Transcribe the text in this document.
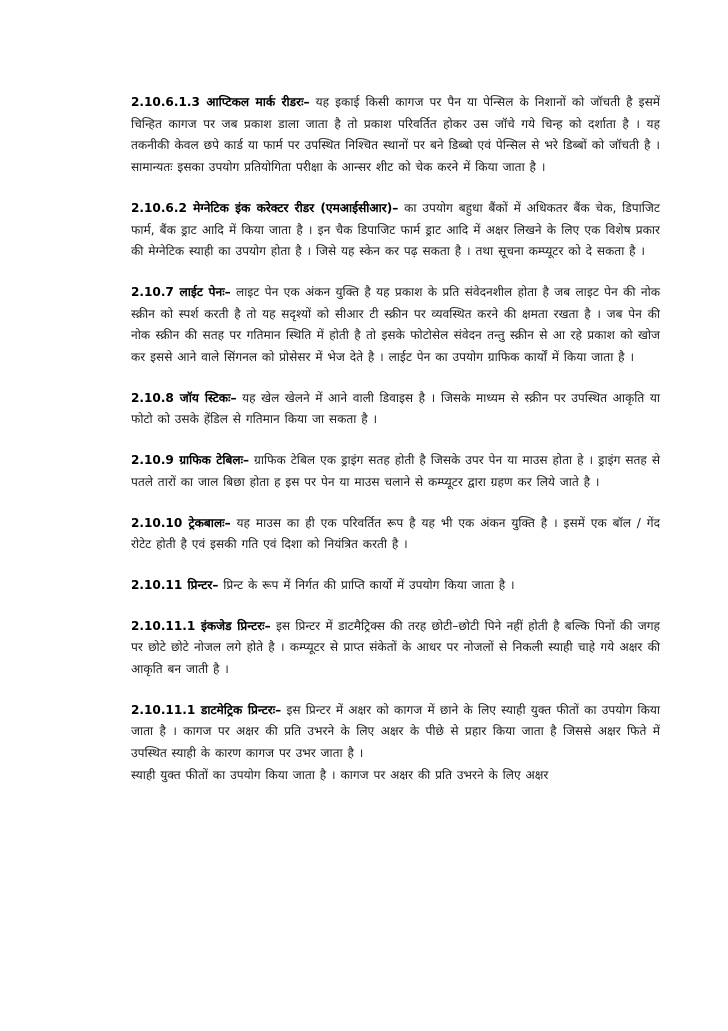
2.10.6.1.3 आप्टिकल मार्क रीडरः– यह इकाई किसी कागज पर पैन या पेन्सिल के निशानों को जॉचती है इसमें चिन्हित कागज पर जब प्रकाश डाला जाता है तो प्रकाश परिवर्तित होकर उस जॉचे गये चिन्ह को दर्शाता है । यह तकनीकी केवल छपे कार्ड या फार्म पर उपस्थित निश्चित स्थानों पर बने डिब्बो एवं पेन्सिल से भरे डिब्बों को जॉचती है । सामान्यतः इसका उपयोग प्रतियोगिता परीक्षा के आन्सर शीट को चेक करने में किया जाता है ।

2.10.6.2 मेग्नेटिक इंक करेक्टर रीडर (एमआईसीआर)– का उपयोग बहुधा बैंकों में अधिकतर बैंक चेक, डिपाजिट फार्म, बैंक ड्राट आदि में किया जाता है । इन चैक डिपाजिट फार्म ड्राट आदि में अक्षर लिखने के लिए एक विशेष प्रकार की मेग्नेटिक स्याही का उपयोग होता है । जिसे यह स्केन कर पढ़ सकता है । तथा सूचना कम्प्यूटर को दे सकता है ।

2.10.7 लाईट पेनः– लाइट पेन एक अंकन युक्ति है यह प्रकाश के प्रति संवेदनशील होता है जब लाइट पेन की नोक स्क्रीन को स्पर्श करती है तो यह सदृश्यों को सीआर टी स्क्रीन पर व्यवस्थित करने की क्षमता रखता है । जब पेन की नोक स्क्रीन की सतह पर गतिमान स्थिति में होती है तो इसके फोटोसेल संवेदन तन्तु स्क्रीन से आ रहे प्रकाश को खोज कर इससे आने वाले सिंगनल को प्रोसेसर में भेज देते है । लाईट पेन का उपयोग ग्राफिक कार्यों में किया जाता है ।

2.10.8 जॉय स्टिकः– यह खेल खेलने में आने वाली डिवाइस है । जिसके माध्यम से स्क्रीन पर उपस्थित आकृति या फोटो को उसके हेंडिल से गतिमान किया जा सकता है ।

2.10.9 ग्राफिक टेबिलः– ग्राफिक टेबिल एक ड्राइंग सतह होती है जिसके उपर पेन या माउस होता हे । ड्राइंग सतह से पतले तारों का जाल बिछा होता ह इस पर पेन या माउस चलाने से कम्प्यूटर द्वारा ग्रहण कर लिये जाते है ।

2.10.10 ट्रेकबालः– यह माउस का ही एक परिवर्तित रूप है यह भी एक अंकन युक्ति है । इसमें एक बॉल / गेंद रोटेट होती है एवं इसकी गति एवं दिशा को नियंत्रित करती है ।

2.10.11 प्रिन्टर– प्रिन्ट के रूप में निर्गत की प्राप्ति कार्यो में उपयोग किया जाता है ।

2.10.11.1 इंकजेड प्रिन्टरः– इस प्रिन्टर में डाटमैट्रिक्स की तरह छोटी–छोटी पिने नहीं होती है बल्कि पिनों की जगह पर छोटे छोटे नोजल लगे होते है । कम्प्यूटर से प्राप्त संकेतों के आधर पर नोजलों से निकली स्याही चाहे गये अक्षर की आकृति बन जाती है ।

2.10.11.1 डाटमेट्रिक प्रिन्टरः– इस प्रिन्टर में अक्षर को कागज में छाने के लिए स्याही युक्त फीतों का उपयोग किया जाता है । कागज पर अक्षर की प्रति उभरने के लिए अक्षर के पीछे से प्रहार किया जाता है जिससे अक्षर फिते में उपस्थित स्याही के कारण कागज पर उभर जाता है ।
स्याही युक्त फीतों का उपयोग किया जाता है । कागज पर अक्षर की प्रति उभरने के लिए अक्षर
